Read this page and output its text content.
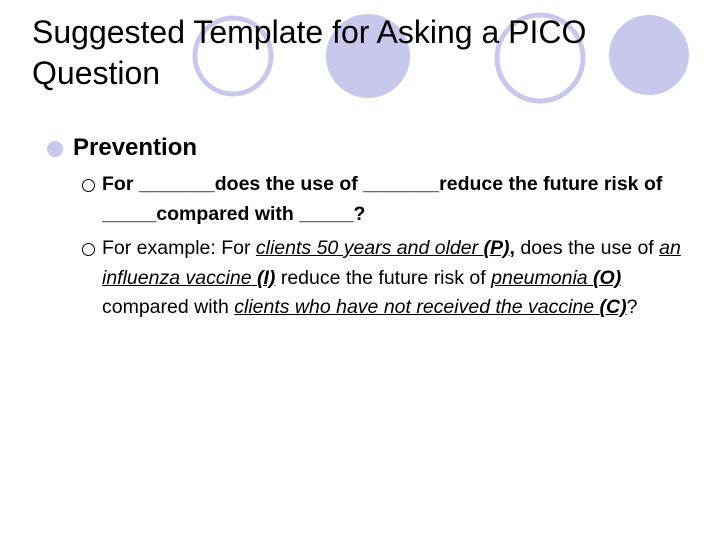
Suggested Template for Asking a PICO
Question
Prevention
For _______does the use of _______reduce the future risk of _____compared with _____?
For example: For clients 50 years and older (P), does the use of an influenza vaccine (I) reduce the future risk of pneumonia (O) compared with clients who have not received the vaccine (C)?
